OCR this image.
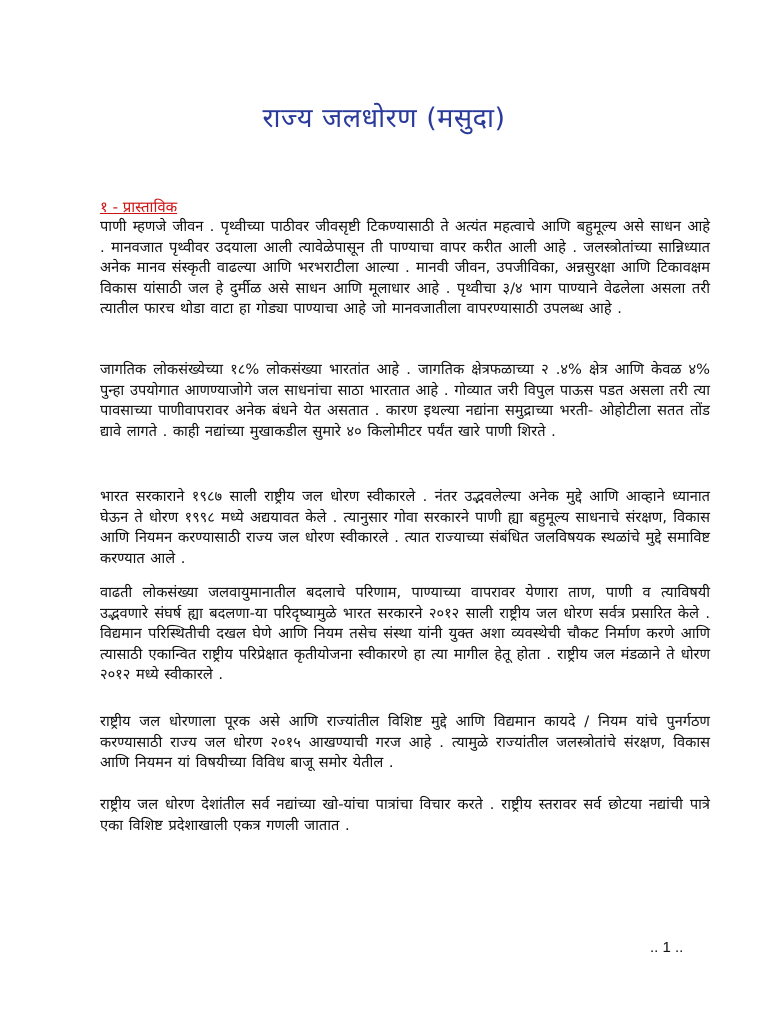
राज्य जलधोरण (मसुदा)
१ - प्रास्ताविक
पाणी म्हणजे जीवन . पृथ्वीच्या पाठीवर जीवसृष्टी टिकण्यासाठी ते अत्यंत महत्वाचे आणि बहुमूल्य असे साधन आहे . मानवजात पृथ्वीवर उदयाला आली त्यावेळेपासून ती पाण्याचा वापर करीत आली आहे . जलस्त्रोतांच्या सान्निध्यात अनेक मानव संस्कृती वाढल्या आणि भरभराटीला आल्या . मानवी जीवन, उपजीविका, अन्नसुरक्षा आणि टिकावक्षम विकास यांसाठी जल हे दुर्मीळ असे साधन आणि मूलाधार आहे . पृथ्वीचा ३/४ भाग पाण्याने वेढलेला असला तरी त्यातील फारच थोडा वाटा हा गोड्या पाण्याचा आहे जो मानवजातीला वापरण्यासाठी उपलब्ध आहे .
जागतिक लोकसंख्येच्या १८% लोकसंख्या भारतांत आहे . जागतिक क्षेत्रफळाच्या २ .४% क्षेत्र आणि केवळ ४% पुन्हा उपयोगात आणण्याजोगे जल साधनांचा साठा भारतात आहे . गोव्यात जरी विपुल पाऊस पडत असला तरी त्या पावसाच्या पाणीवापरावर अनेक बंधने येत असतात . कारण इथल्या नद्यांना समुद्राच्या भरती- ओहोटीला सतत तोंड द्यावे लागते . काही नद्यांच्या मुखाकडील सुमारे ४० किलोमीटर पर्यंत खारे पाणी शिरते .
भारत सरकाराने १९८७ साली राष्ट्रीय जल धोरण स्वीकारले . नंतर उद्भवलेल्या अनेक मुद्दे आणि आव्हाने ध्यानात घेऊन ते धोरण १९९८ मध्ये अद्ययावत केले . त्यानुसार गोवा सरकारने पाणी ह्या बहुमूल्य साधनाचे संरक्षण, विकास आणि नियमन करण्यासाठी राज्य जल धोरण स्वीकारले . त्यात राज्याच्या संबंधित जलविषयक स्थळांचे मुद्दे समाविष्ट करण्यात आले .
वाढती लोकसंख्या जलवायुमानातील बदलाचे परिणाम, पाण्याच्या वापरावर येणारा ताण, पाणी व त्याविषयी उद्भवणारे संघर्ष ह्या बदलणा-या परिदृष्यामुळे भारत सरकारने २०१२ साली राष्ट्रीय जल धोरण सर्वत्र प्रसारित केले . विद्यमान परिस्थितीची दखल घेणे आणि नियम तसेच संस्था यांनी युक्त अशा व्यवस्थेची चौकट निर्माण करणे आणि त्यासाठी एकान्वित राष्ट्रीय परिप्रेक्षात कृतीयोजना स्वीकारणे हा त्या मागील हेतू होता . राष्ट्रीय जल मंडळाने ते धोरण २०१२ मध्ये स्वीकारले .
राष्ट्रीय जल धोरणाला पूरक असे आणि राज्यांतील विशिष्ट मुद्दे आणि विद्यमान कायदे / नियम यांचे पुनर्गठण करण्यासाठी राज्य जल धोरण २०१५ आखण्याची गरज आहे . त्यामुळे राज्यांतील जलस्त्रोतांचे संरक्षण, विकास आणि नियमन यां विषयीच्या विविध बाजू समोर येतील .
राष्ट्रीय जल धोरण देशांतील सर्व नद्यांच्या खो-यांचा पात्रांचा विचार करते . राष्ट्रीय स्तरावर सर्व छोटया नद्यांची पात्रे एका विशिष्ट प्रदेशाखाली एकत्र गणली जातात .
.. 1 ..
